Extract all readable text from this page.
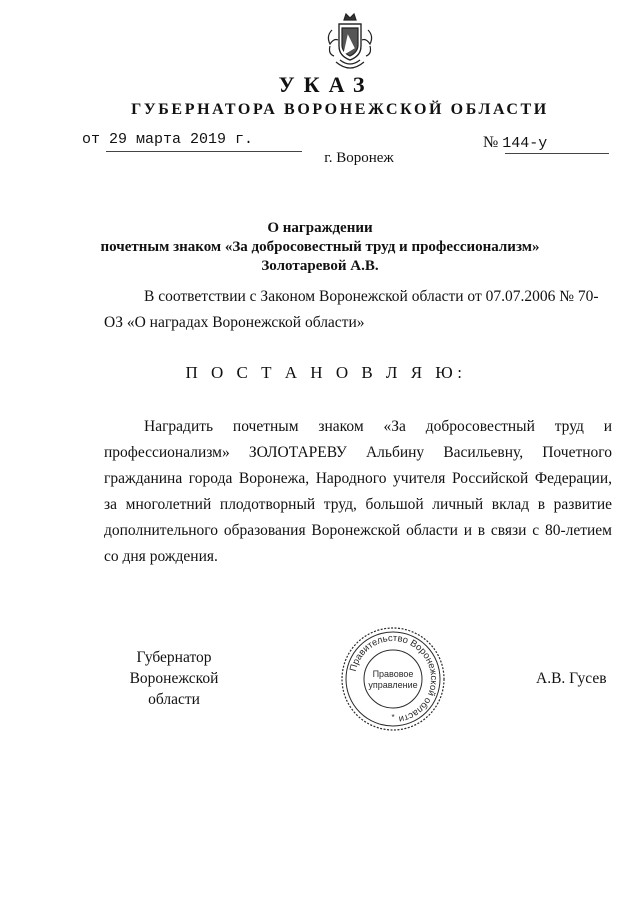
УКАЗ
ГУБЕРНАТОРА ВОРОНЕЖСКОЙ ОБЛАСТИ
от 29 марта 2019 г.	№ 144-у
г. Воронеж
О награждении
почетным знаком «За добросовестный труд и профессионализм»
Золотаревой А.В.
В соответствии с Законом Воронежской области от 07.07.2006 № 70-ОЗ «О наградах Воронежской области»
П О С Т А Н О В Л Я Ю:
Наградить почетным знаком «За добросовестный труд и профессионализм» ЗОЛОТАРЕВУ Альбину Васильевну, Почетного гражданина города Воронежа, Народного учителя Российской Федерации, за многолетний плодотворный труд, большой личный вклад в развитие дополнительного образования Воронежской области и в связи с 80-летием со дня рождения.
Губернатор
Воронежской области
Правительство Воронежской области
Правовое
управление
*
А.В. Гусев
